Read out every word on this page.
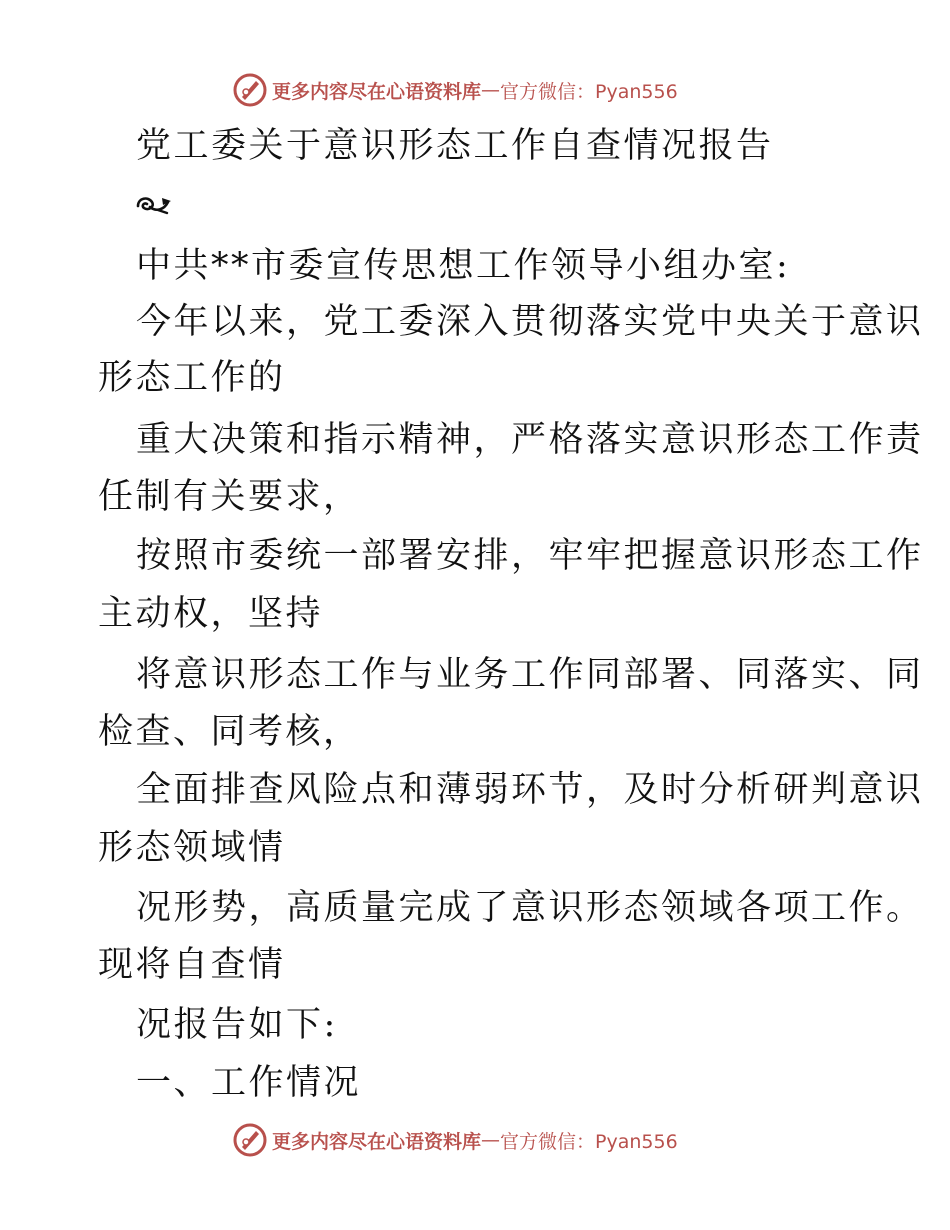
更多内容尽在心语资料库 — 官方微信：Pyan556
党工委关于意识形态工作自查情况报告
中共**市委宣传思想工作领导小组办室:
今年以来，党工委深入贯彻落实党中央关于意识
形态工作的
重大决策和指示精神，严格落实意识形态工作责
任制有关要求，
按照市委统一部署安排，牢牢把握意识形态工作
主动权，坚持
将意识形态工作与业务工作同部署、同落实、同
检查、同考核，
全面排查风险点和薄弱环节，及时分析研判意识
形态领域情
况形势，高质量完成了意识形态领域各项工作。
现将自查情
况报告如下:
一、工作情况
更多内容尽在心语资料库 — 官方微信：Pyan556
